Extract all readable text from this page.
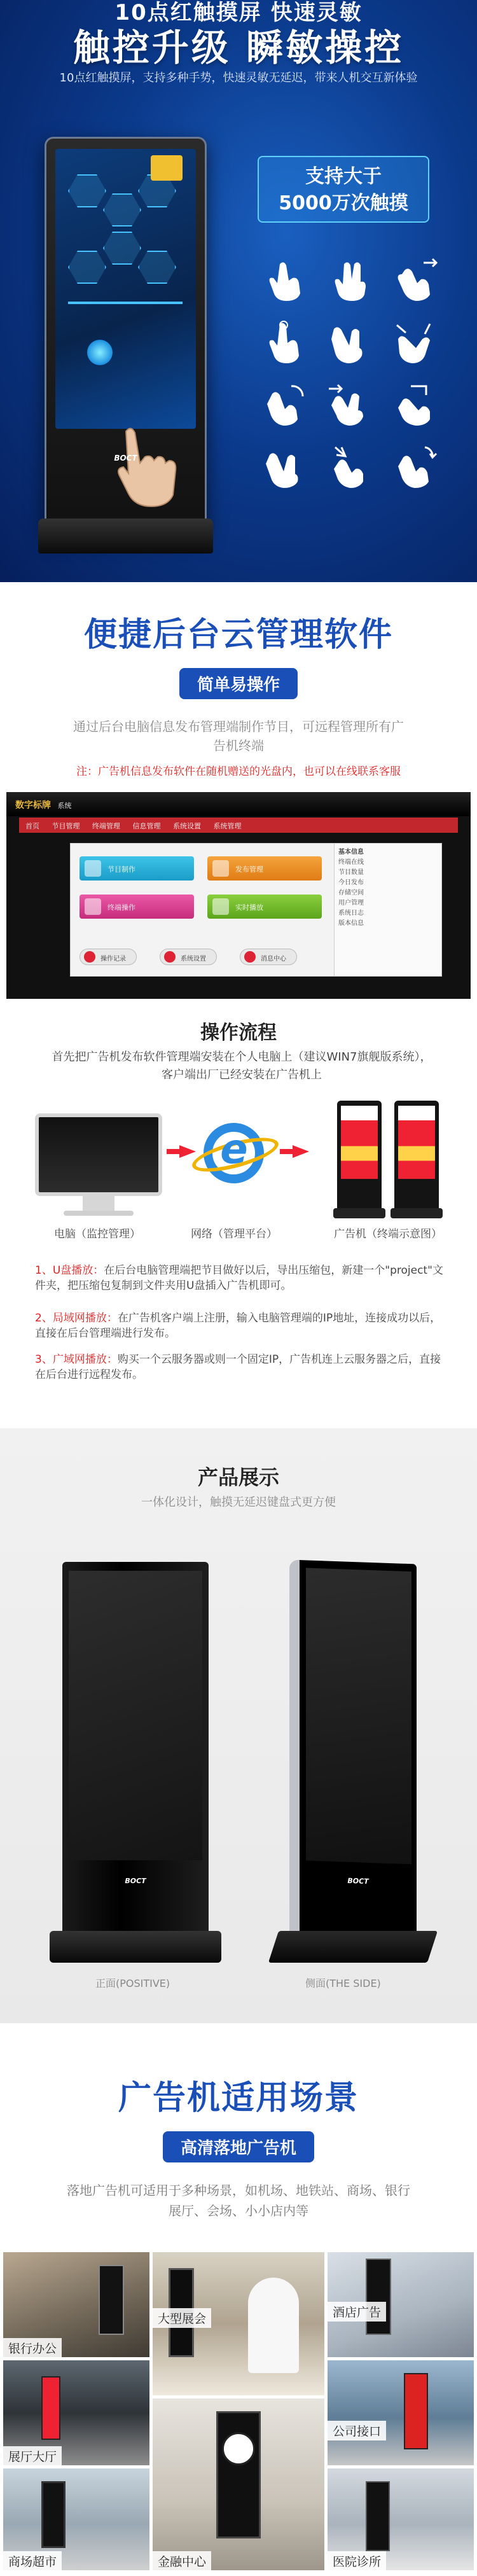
10点红触摸屏 快速灵敏
触控升级 瞬敏操控
10点红触摸屏，支持多种手势，快速灵敏无延迟，带来人机交互新体验
BOCT
支持大于
5000万次触摸
便捷后台云管理软件
简单易操作
通过后台电脑信息发布管理端制作节目，可远程管理所有广
告机终端
注：广告机信息发布软件在随机赠送的光盘内，也可以在线联系客服
数字标牌 系统
首页 节目管理 终端管理 信息管理 系统设置 系统管理
节目制作	发布管理
终端操作	实时播放
操作记录	系统设置	消息中心
基本信息
终端在线
节目数量
今日发布
存储空间
用户管理
系统日志
版本信息
操作流程
首先把广告机发布软件管理端安装在个人电脑上（建议WIN7旗舰版系统），客户端出厂已经安装在广告机上
e
电脑（监控管理）	网络（管理平台）	广告机（终端示意图）
1、U盘播放：在后台电脑管理端把节目做好以后，导出压缩包，新建一个"project"文件夹，把压缩包复制到文件夹用U盘插入广告机即可。
2、局域网播放：在广告机客户端上注册，输入电脑管理端的IP地址，连接成功以后，直接在后台管理端进行发布。
3、广域网播放：购买一个云服务器或则一个固定IP，广告机连上云服务器之后，直接在后台进行远程发布。
产品展示
一体化设计，触摸无延迟键盘式更方便
BOCT	BOCT
正面(POSITIVE)	侧面(THE SIDE)
广告机适用场景
高清落地广告机
落地广告机可适用于多种场景，如机场、地铁站、商场、银行
展厅、会场、小小店内等
银行办公
展厅大厅
商场超市
大型展会
金融中心
酒店广告
公司接口
医院诊所
